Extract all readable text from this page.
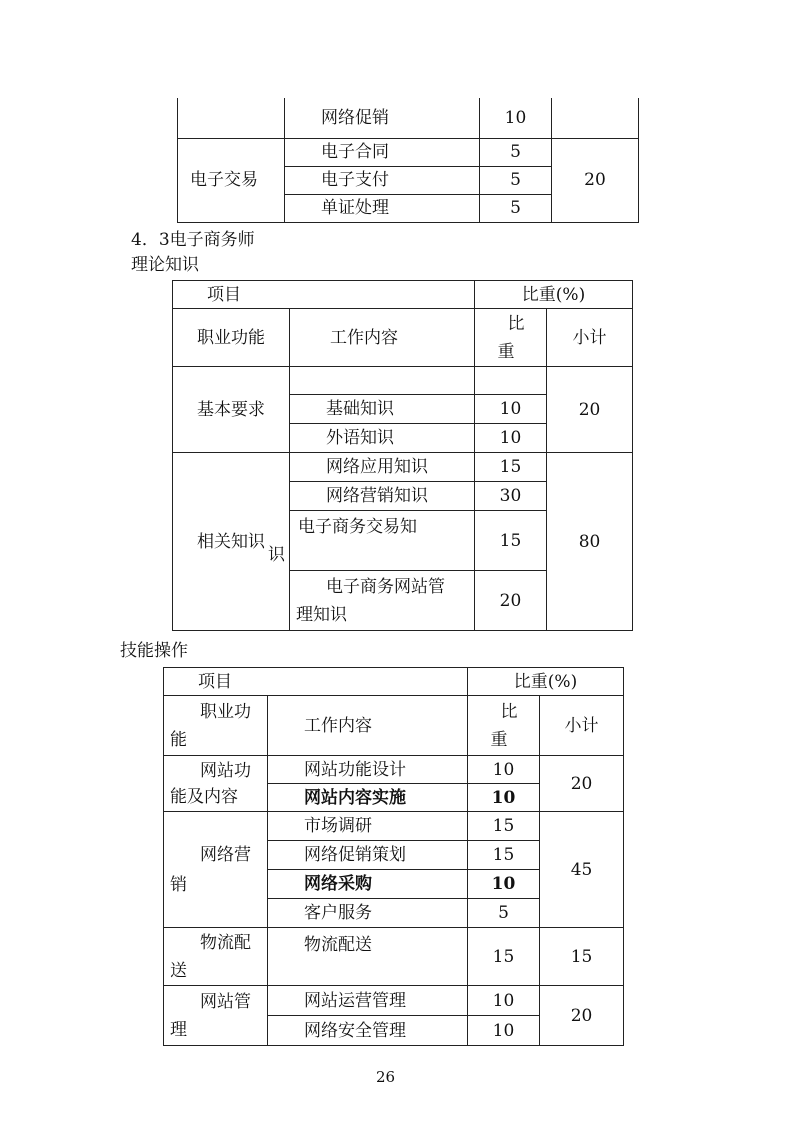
	网络促销	10	

电子交易	电子合同	5	20
	电子支付	5	
	单证处理	5	
4．3电子商务师
理论知识
项目		比重(%)	
职业功能	工作内容	比重	小计
基本要求			20
	基础知识	10	
	外语知识	10	
相关知识	网络应用知识	15	80
	网络营销知识	30	

	电子商务交易知识	15	

	电子商务网站管理知识	20	
技能操作
项目		比重(%)	

职业功能	工作内容	比重	小计

网站功能及内容	网站功能设计	10	20
	网站内容实施	10	

网络营销	市场调研	15	45
	网络促销策划	15	
	网络采购	10	
	客户服务	5	

物流配送	物流配送	15	15

网站管理	网站运营管理	10	20
	网络安全管理	10	
26
